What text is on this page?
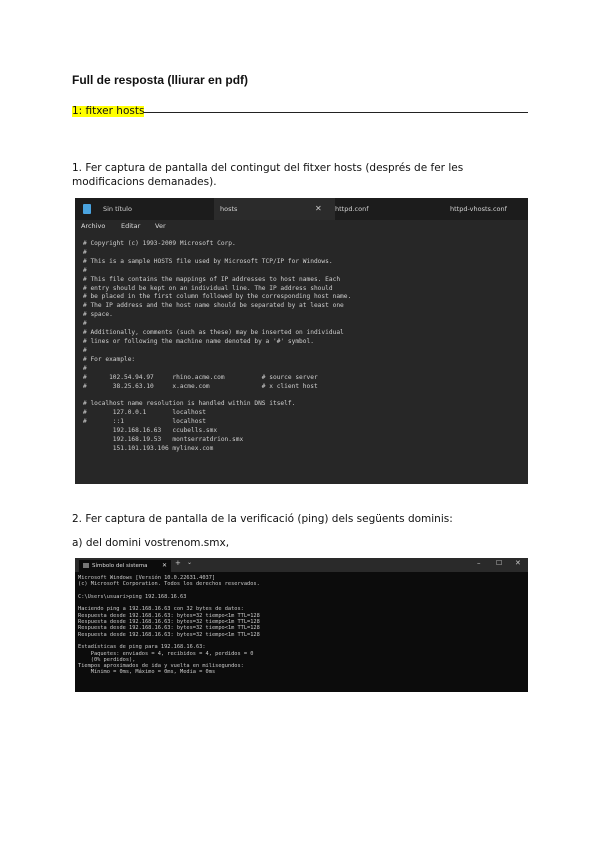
Full de resposta (lliurar en pdf)
1: fitxer hosts
1. Fer captura de pantalla del contingut del fitxer hosts (després de fer les modificacions demanades).
Sin título	hosts	✕ httpd.conf	httpd-vhosts.conf
Archivo Editar Ver
# Copyright (c) 1993-2009 Microsoft Corp.
#
# This is a sample HOSTS file used by Microsoft TCP/IP for Windows.
#
# This file contains the mappings of IP addresses to host names. Each
# entry should be kept on an individual line. The IP address should
# be placed in the first column followed by the corresponding host name.
# The IP address and the host name should be separated by at least one
# space.
#
# Additionally, comments (such as these) may be inserted on individual
# lines or following the machine name denoted by a '#' symbol.
#
# For example:
#
#      102.54.94.97     rhino.acme.com          # source server
#       38.25.63.10     x.acme.com              # x client host

# localhost name resolution is handled within DNS itself.
#       127.0.0.1       localhost
#       ::1             localhost
192.168.16.63   ccubells.smx
192.168.19.53   montserratdrion.smx
151.101.193.106 mylinex.com
2. Fer captura de pantalla de la verificació (ping) dels següents dominis:
a) del domini vostrenom.smx,
Símbolo del sistema ✕ + ⌄	– ☐ ✕
Microsoft Windows [Versión 10.0.22631.4037]
(c) Microsoft Corporation. Todos los derechos reservados.

C:\Users\usuari>ping 192.168.16.63

Haciendo ping a 192.168.16.63 con 32 bytes de datos:
Respuesta desde 192.168.16.63: bytes=32 tiempo<1m TTL=128
Respuesta desde 192.168.16.63: bytes=32 tiempo<1m TTL=128
Respuesta desde 192.168.16.63: bytes=32 tiempo<1m TTL=128
Respuesta desde 192.168.16.63: bytes=32 tiempo<1m TTL=128

Estadísticas de ping para 192.168.16.63:
Paquetes: enviados = 4, recibidos = 4, perdidos = 0
(0% perdidos),
Tiempos aproximados de ida y vuelta en milisegundos:
Mínimo = 0ms, Máximo = 0ms, Media = 0ms
